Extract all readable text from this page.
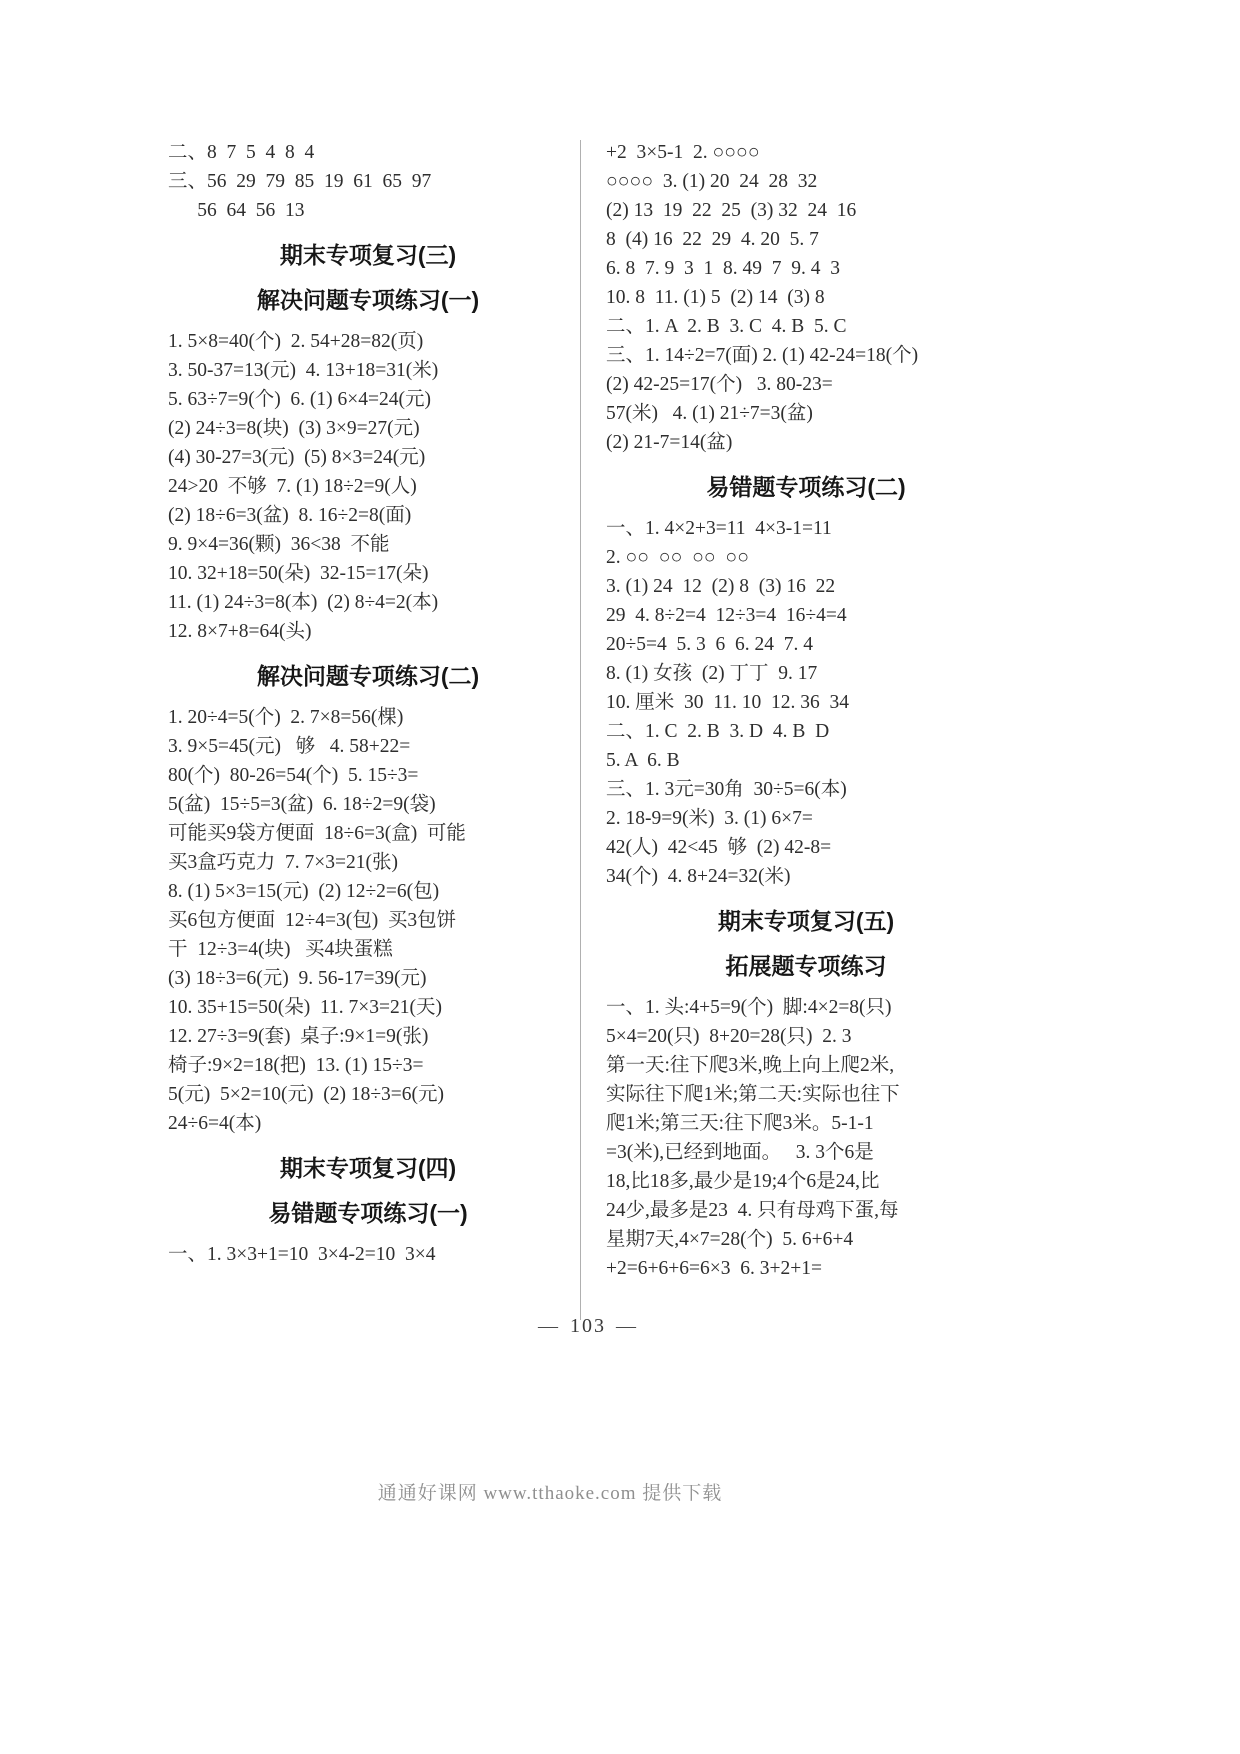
二、8  7  5  4  8  4
三、56  29  79  85  19  61  65  97
56  64  56  13
期末专项复习(三)
解决问题专项练习(一)
1. 5×8=40(个)  2. 54+28=82(页)
3. 50-37=13(元)  4. 13+18=31(米)
5. 63÷7=9(个)  6. (1) 6×4=24(元)
(2) 24÷3=8(块)  (3) 3×9=27(元)
(4) 30-27=3(元)  (5) 8×3=24(元)
24>20  不够  7. (1) 18÷2=9(人)
(2) 18÷6=3(盆)  8. 16÷2=8(面)
9. 9×4=36(颗)  36<38  不能
10. 32+18=50(朵)  32-15=17(朵)
11. (1) 24÷3=8(本)  (2) 8÷4=2(本)
12. 8×7+8=64(头)
解决问题专项练习(二)
1. 20÷4=5(个)  2. 7×8=56(棵)
3. 9×5=45(元)   够   4. 58+22=
80(个)  80-26=54(个)  5. 15÷3=
5(盆)  15÷5=3(盆)  6. 18÷2=9(袋)
可能买9袋方便面  18÷6=3(盒)  可能
买3盒巧克力  7. 7×3=21(张)
8. (1) 5×3=15(元)  (2) 12÷2=6(包)
买6包方便面  12÷4=3(包)  买3包饼
干  12÷3=4(块)   买4块蛋糕
(3) 18÷3=6(元)  9. 56-17=39(元)
10. 35+15=50(朵)  11. 7×3=21(天)
12. 27÷3=9(套)  桌子:9×1=9(张)
椅子:9×2=18(把)  13. (1) 15÷3=
5(元)  5×2=10(元)  (2) 18÷3=6(元)
24÷6=4(本)
期末专项复习(四)
易错题专项练习(一)
一、1. 3×3+1=10  3×4-2=10  3×4
+2  3×5-1  2. ○○○○
○○○○  3. (1) 20  24  28  32
(2) 13  19  22  25  (3) 32  24  16
8  (4) 16  22  29  4. 20  5. 7
6. 8  7. 9  3  1  8. 49  7  9. 4  3
10. 8  11. (1) 5  (2) 14  (3) 8
二、1. A  2. B  3. C  4. B  5. C
三、1. 14÷2=7(面) 2. (1) 42-24=18(个)
(2) 42-25=17(个)   3. 80-23=
57(米)   4. (1) 21÷7=3(盆)
(2) 21-7=14(盆)
易错题专项练习(二)
一、1. 4×2+3=11  4×3-1=11
2. ○○  ○○  ○○  ○○
3. (1) 24  12  (2) 8  (3) 16  22
29  4. 8÷2=4  12÷3=4  16÷4=4
20÷5=4  5. 3  6  6. 24  7. 4
8. (1) 女孩  (2) 丁丁  9. 17
10. 厘米  30  11. 10  12. 36  34
二、1. C  2. B  3. D  4. B  D
5. A  6. B
三、1. 3元=30角  30÷5=6(本)
2. 18-9=9(米)  3. (1) 6×7=
42(人)  42<45  够  (2) 42-8=
34(个)  4. 8+24=32(米)
期末专项复习(五)
拓展题专项练习
一、1. 头:4+5=9(个)  脚:4×2=8(只)
5×4=20(只)  8+20=28(只)  2. 3
第一天:往下爬3米,晚上向上爬2米,
实际往下爬1米;第二天:实际也往下
爬1米;第三天:往下爬3米。5-1-1
=3(米),已经到地面。   3. 3个6是
18,比18多,最少是19;4个6是24,比
24少,最多是23  4. 只有母鸡下蛋,每
星期7天,4×7=28(个)  5. 6+6+4
+2=6+6+6=6×3  6. 3+2+1=
— 103 —
通通好课网 www.tthaoke.com 提供下载
